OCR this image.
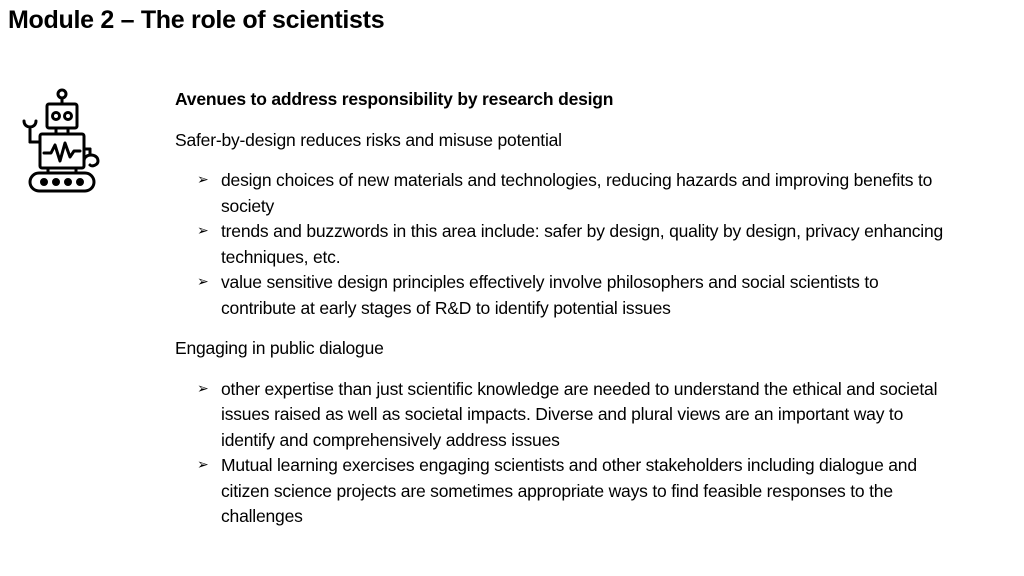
Module 2 – The role of scientists
Avenues to address responsibility by research design
Safer-by-design reduces risks and misuse potential
➢ design choices of new materials and technologies, reducing hazards and improving benefits to society
➢ trends and buzzwords in this area include: safer by design, quality by design, privacy enhancing techniques, etc.
➢ value sensitive design principles effectively involve philosophers and social scientists to contribute at early stages of R&D to identify potential issues
Engaging in public dialogue
➢ other expertise than just scientific knowledge are needed to understand the ethical and societal issues raised as well as societal impacts. Diverse and plural views are an important way to identify and comprehensively address issues
➢ Mutual learning exercises engaging scientists and other stakeholders including dialogue and citizen science projects are sometimes appropriate ways to find feasible responses to the challenges
